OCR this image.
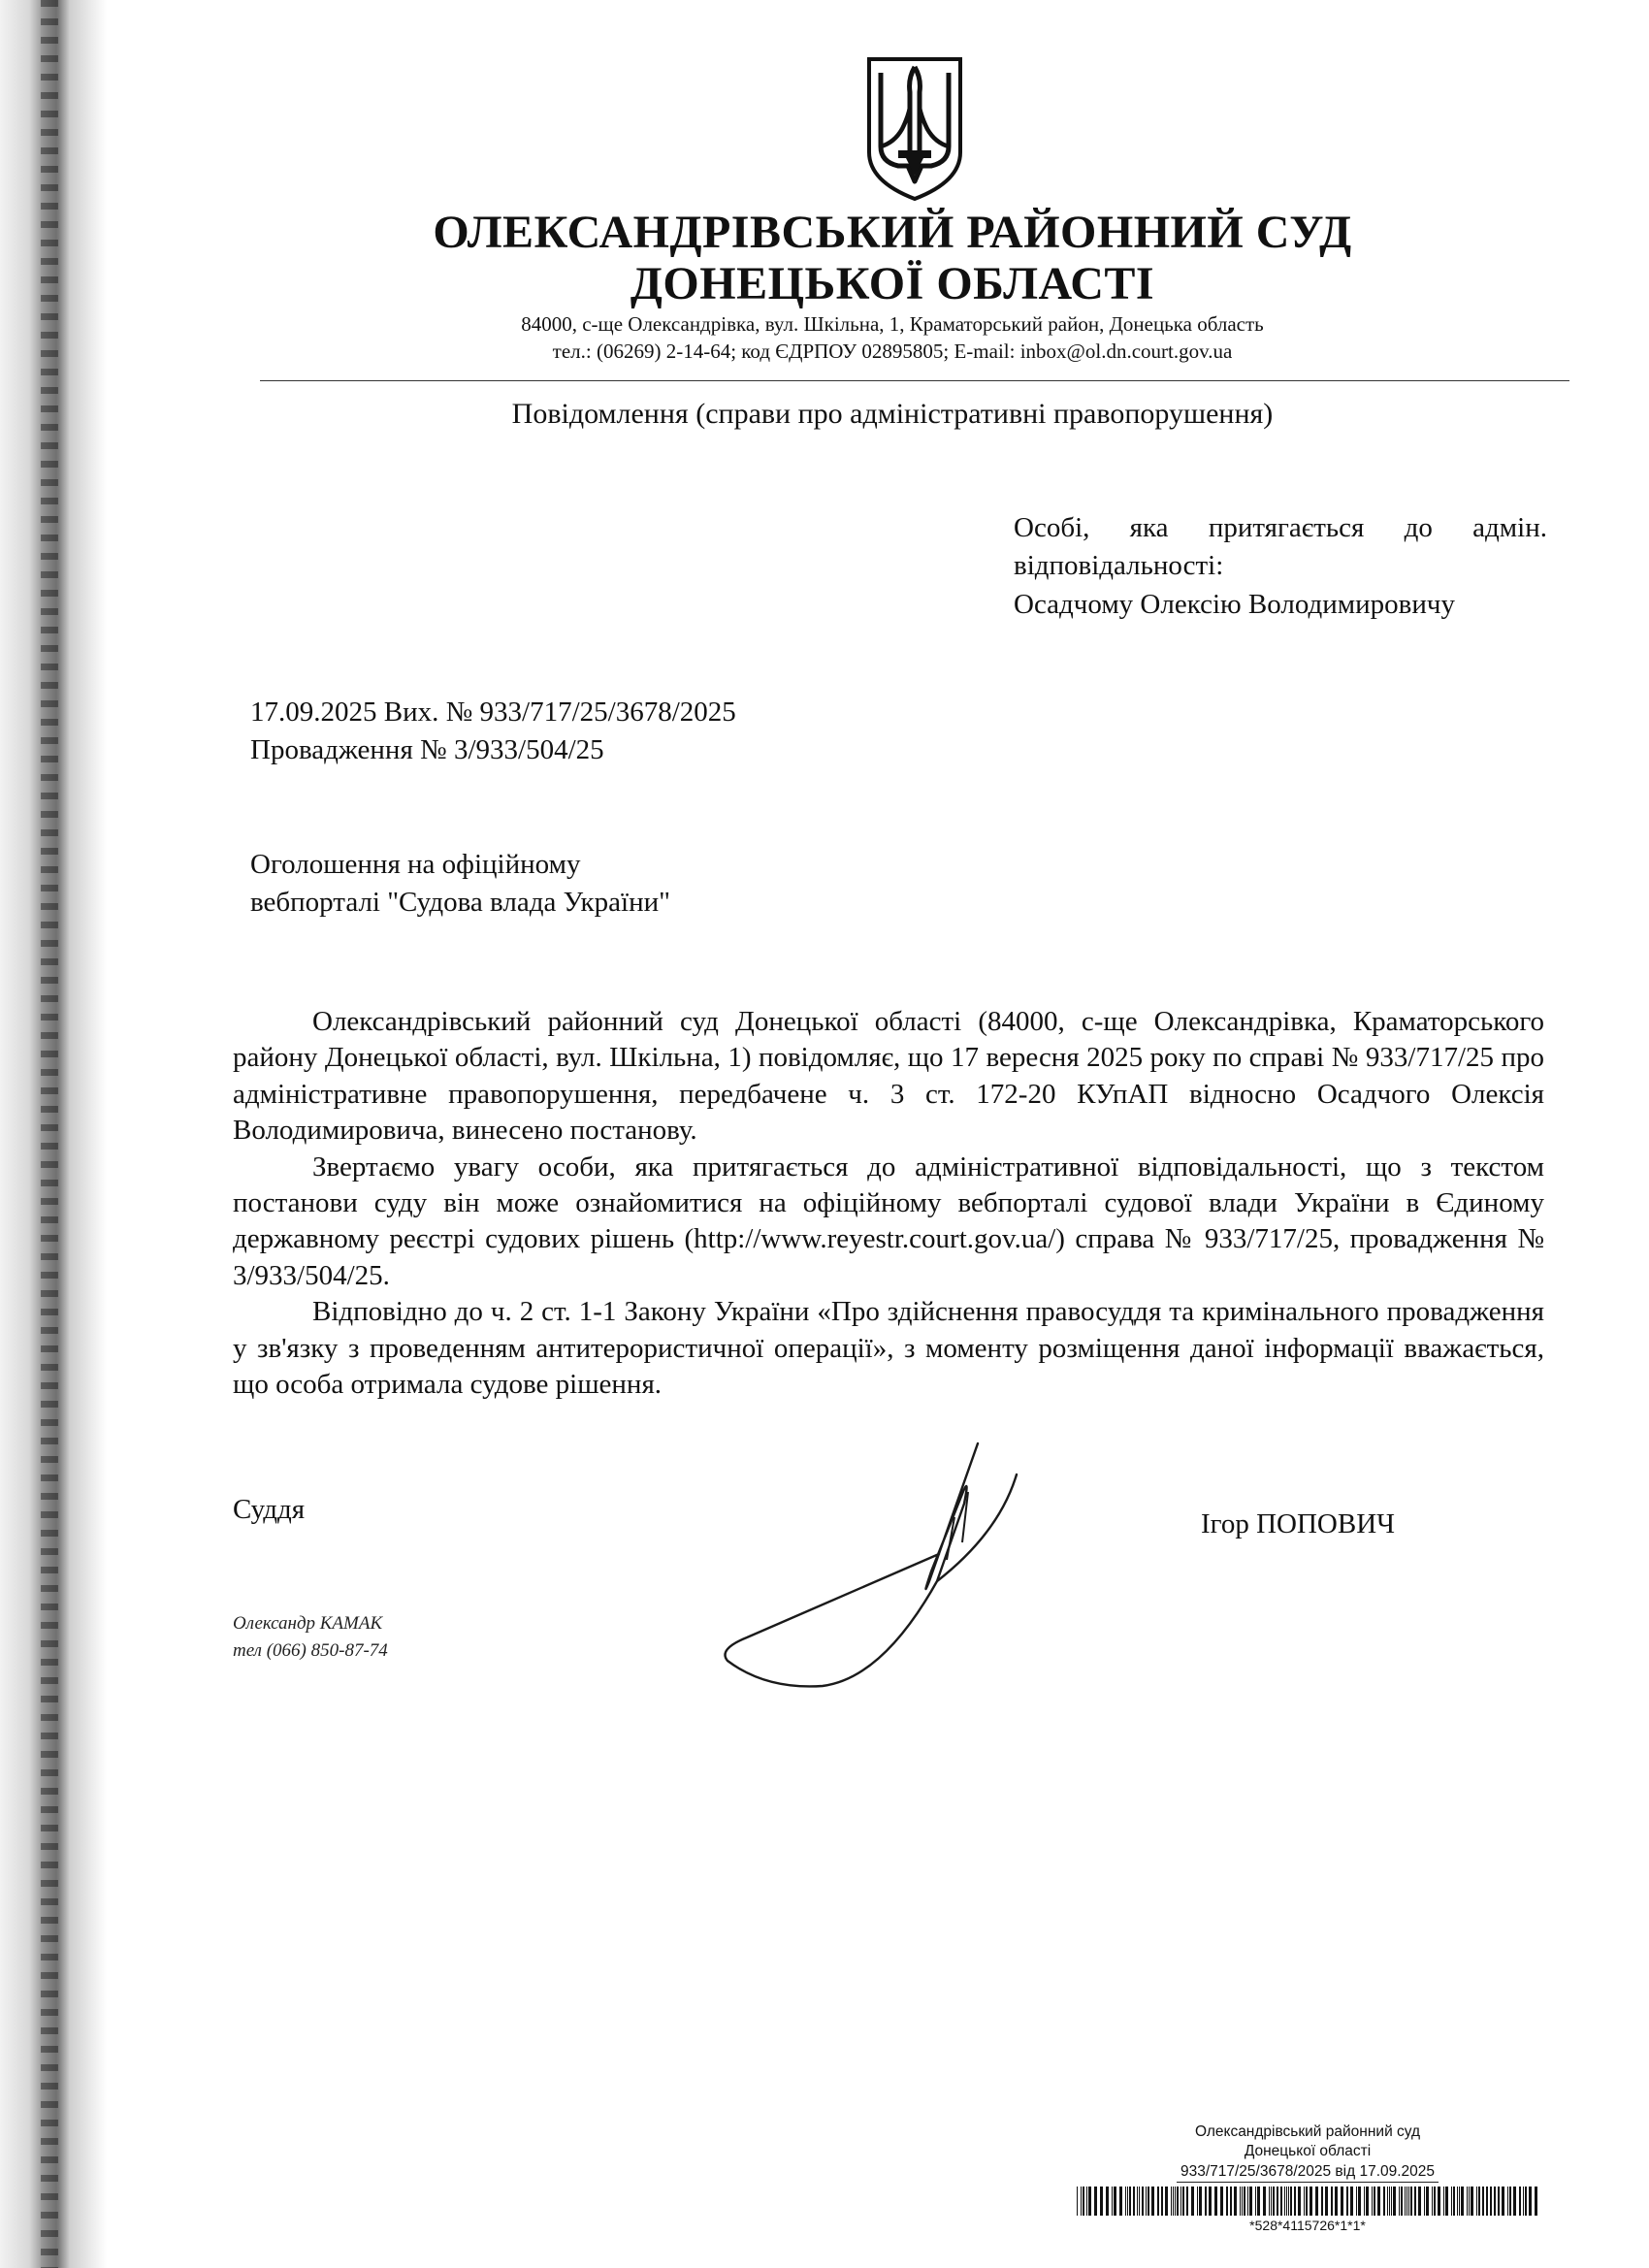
ОЛЕКСАНДРІВСЬКИЙ РАЙОННИЙ СУД
ДОНЕЦЬКОЇ ОБЛАСТІ
84000, с-ще Олександрівка, вул. Шкільна, 1, Краматорський район, Донецька область
тел.: (06269) 2-14-64; код ЄДРПОУ 02895805; E-mail: inbox@ol.dn.court.gov.ua
Повідомлення (справи про адміністративні правопорушення)
Особі, яка притягається до адмін.
відповідальності:
Осадчому Олексію Володимировичу
17.09.2025 Вих. № 933/717/25/3678/2025
Провадження № 3/933/504/25
Оголошення на офіційному
вебпорталі "Судова влада України"

Олександрівський районний суд Донецької області (84000, с-ще Олександрівка, Краматорського району Донецької області, вул. Шкільна, 1) повідомляє, що 17 вересня 2025 року по справі № 933/717/25 про адміністративне правопорушення, передбачене ч. 3 ст. 172-20 КУпАП відносно Осадчого Олексія Володимировича, винесено постанову.

Звертаємо увагу особи, яка притягається до адміністративної відповідальності, що з текстом постанови суду він може ознайомитися на офіційному вебпорталі судової влади України в Єдиному державному реєстрі судових рішень (http://www.reyestr.court.gov.ua/) справа № 933/717/25, провадження № 3/933/504/25.

Відповідно до ч. 2 ст. 1-1 Закону України «Про здійснення правосуддя та кримінального провадження у зв'язку з проведенням антитерористичної операції», з моменту розміщення даної інформації вважається, що особа отримала судове рішення.

Суддя	Ігор ПОПОВИЧ
Олександр КАМАК
тел (066) 850-87-74
Олександрівський районний суд
Донецької області
933/717/25/3678/2025 від 17.09.2025
*528*4115726*1*1*
